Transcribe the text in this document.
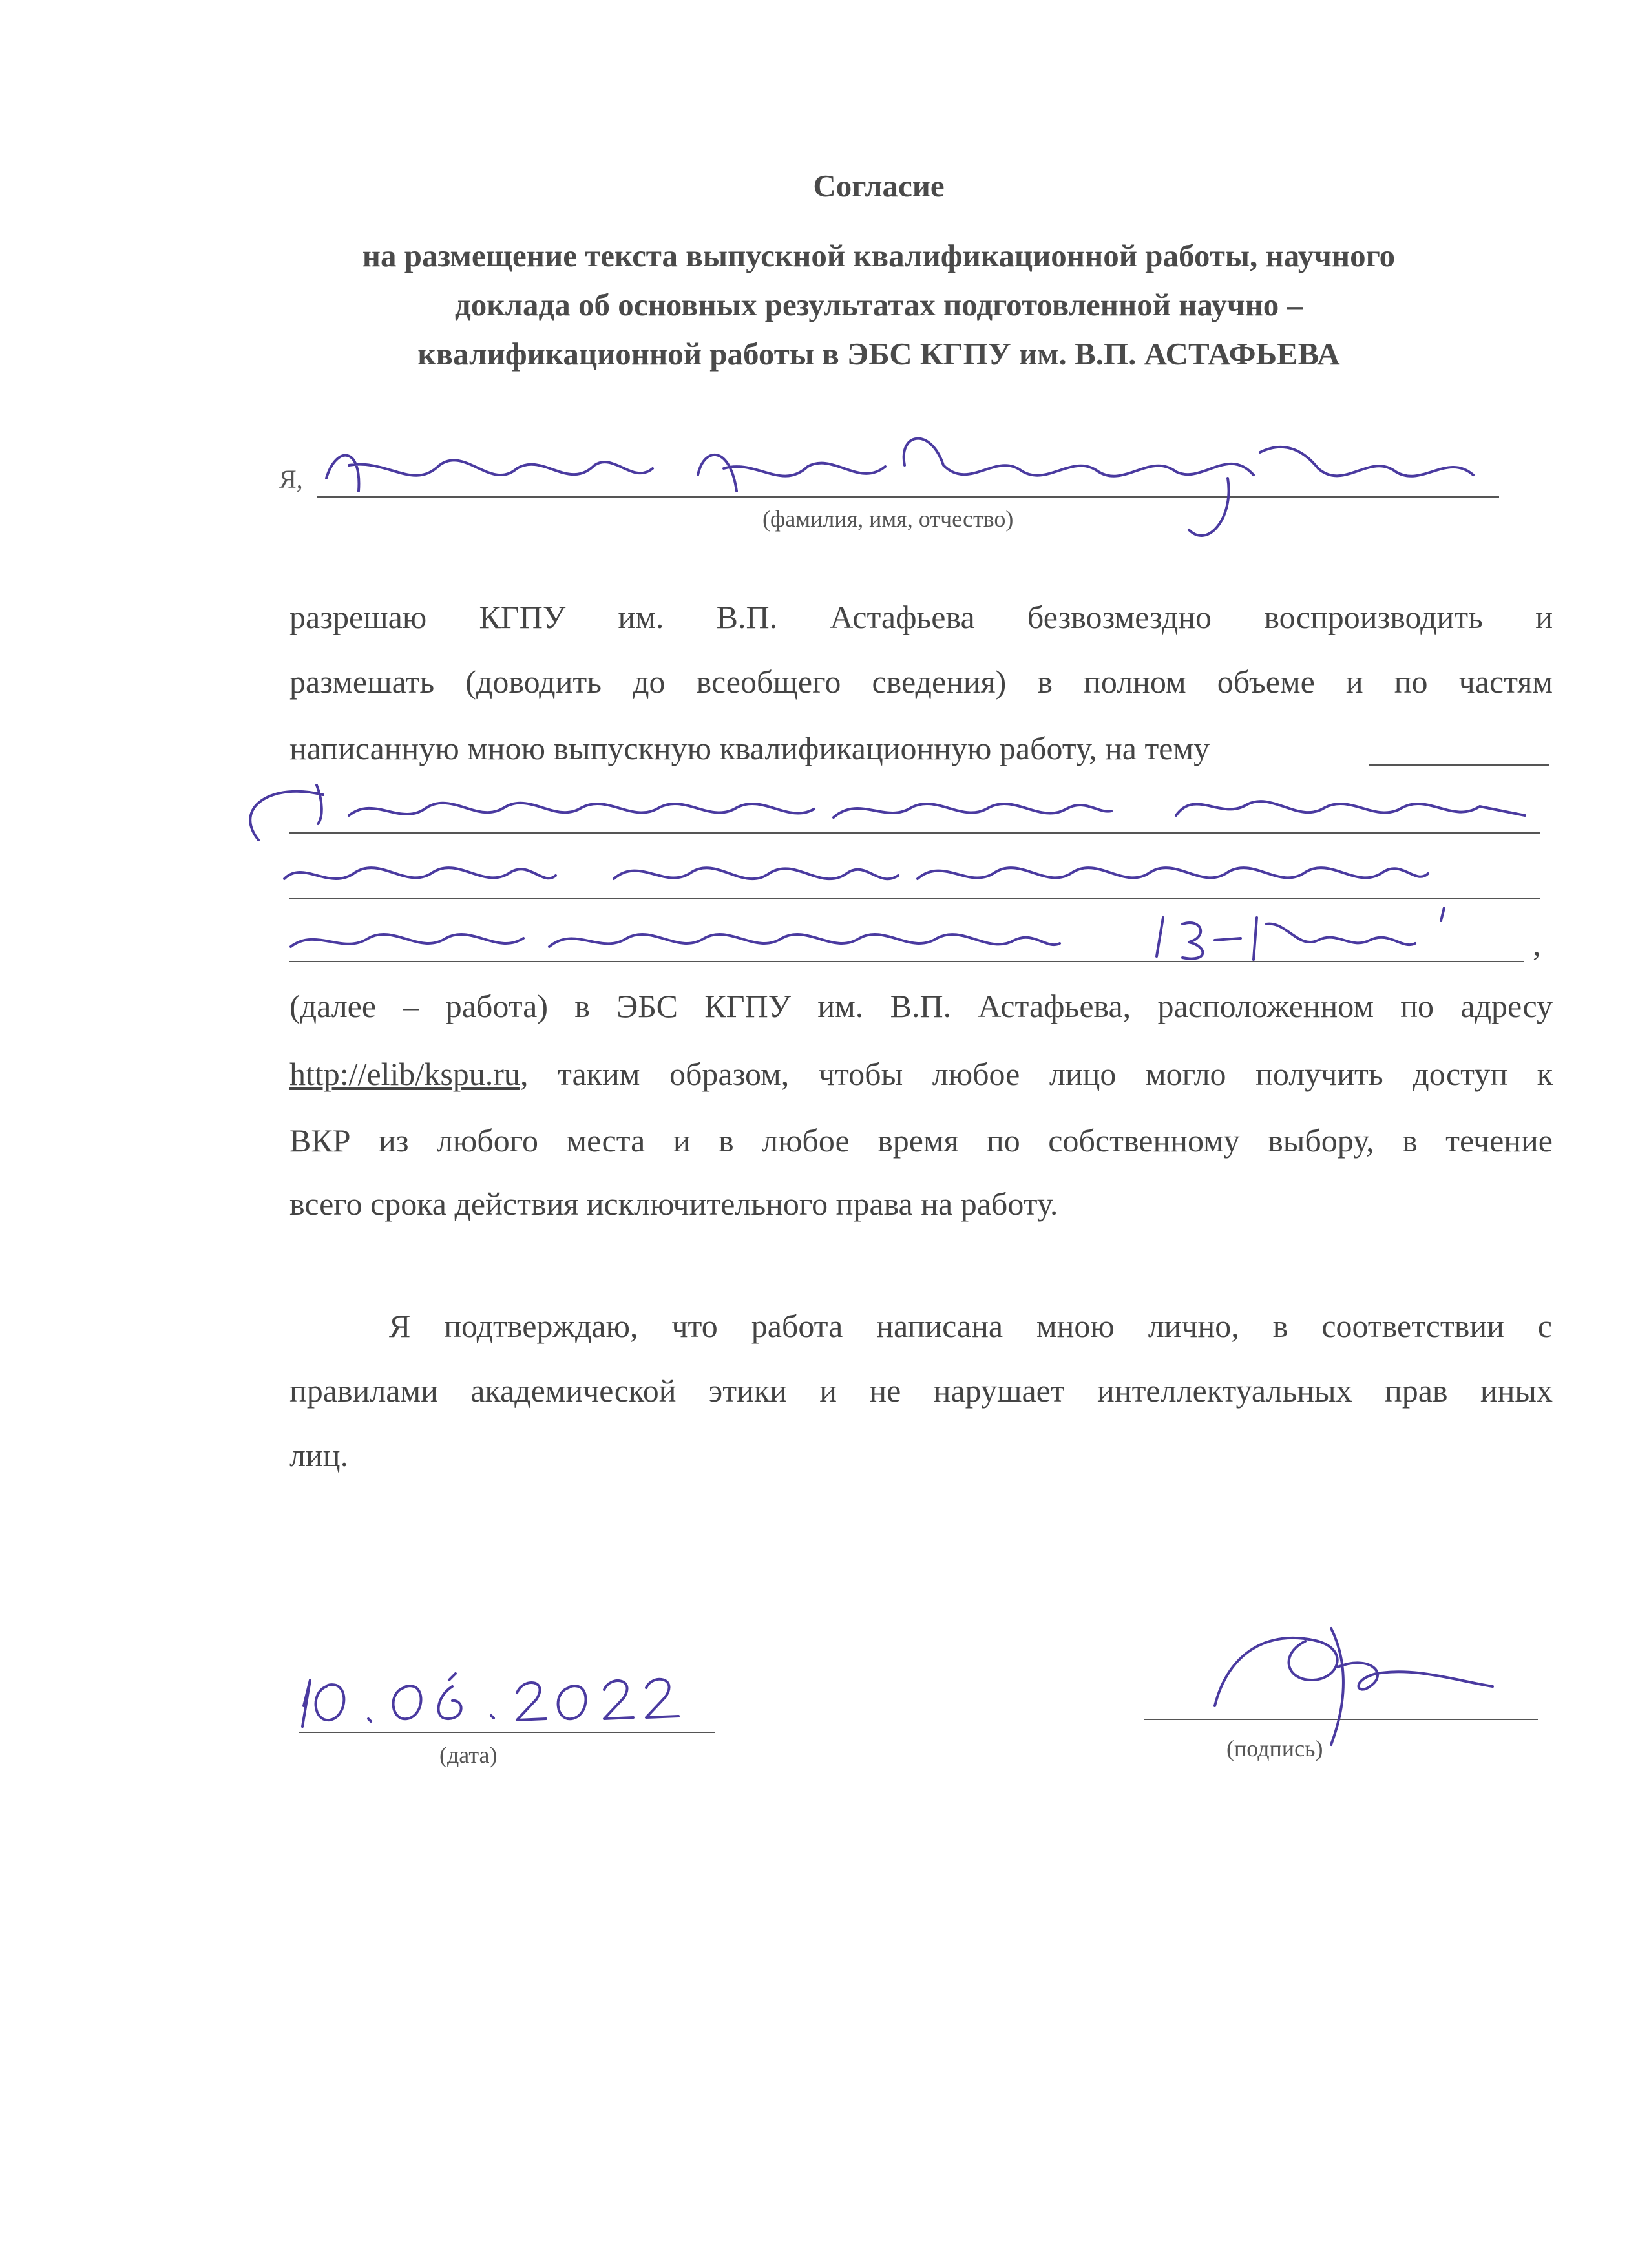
Согласие
на размещение текста выпускной квалификационной работы, научного
доклада об основных результатах подготовленной научно –
квалификационной работы в ЭБС КГПУ им. В.П. АСТАФЬЕВА
Я,
(фамилия, имя, отчество)
разрешаю КГПУ им. В.П. Астафьева безвозмездно воспроизводить и
размешать (доводить до всеобщего сведения) в полном объеме и по частям
написанную мною выпускную квалификационную работу, на тему
,
(далее – работа) в ЭБС КГПУ им. В.П. Астафьева, расположенном по адресу
http://elib/kspu.ru, таким образом, чтобы любое лицо могло получить доступ к
ВКР из любого места и в любое время по собственному выбору, в течение
всего срока действия исключительного права на работу.
Я подтверждаю, что работа написана мною лично, в соответствии с
правилами академической этики и не нарушает интеллектуальных прав иных
лиц.
(дата)	(подпись)
